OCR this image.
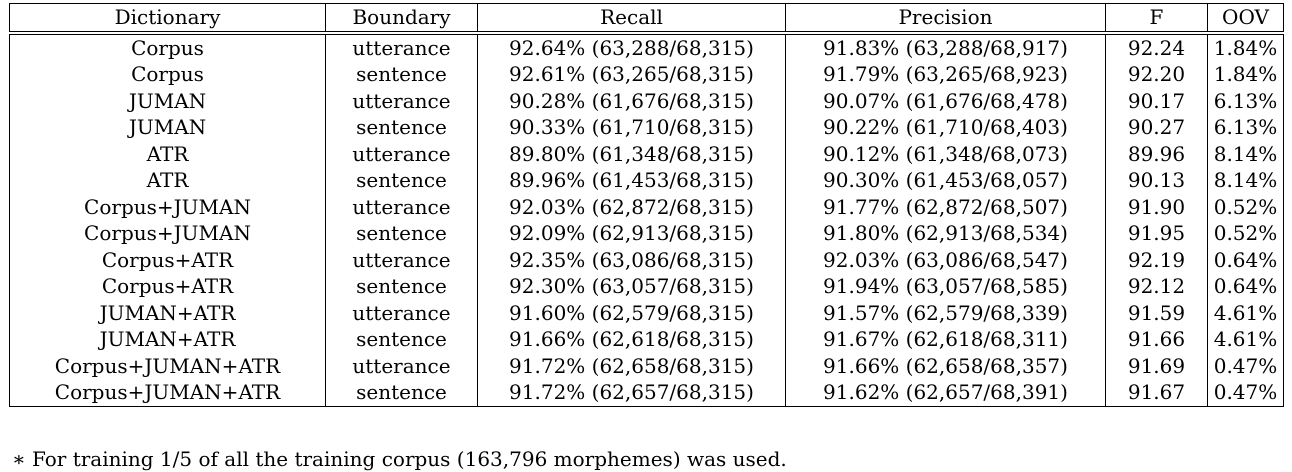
Dictionary	Boundary	Recall	Precision	F	OOV
Corpus	utterance	92.64% (63,288/68,315)	91.83% (63,288/68,917)	92.24	1.84%
Corpus	sentence	92.61% (63,265/68,315)	91.79% (63,265/68,923)	92.20	1.84%
JUMAN	utterance	90.28% (61,676/68,315)	90.07% (61,676/68,478)	90.17	6.13%
JUMAN	sentence	90.33% (61,710/68,315)	90.22% (61,710/68,403)	90.27	6.13%
ATR	utterance	89.80% (61,348/68,315)	90.12% (61,348/68,073)	89.96	8.14%
ATR	sentence	89.96% (61,453/68,315)	90.30% (61,453/68,057)	90.13	8.14%
Corpus+JUMAN	utterance	92.03% (62,872/68,315)	91.77% (62,872/68,507)	91.90	0.52%
Corpus+JUMAN	sentence	92.09% (62,913/68,315)	91.80% (62,913/68,534)	91.95	0.52%
Corpus+ATR	utterance	92.35% (63,086/68,315)	92.03% (63,086/68,547)	92.19	0.64%
Corpus+ATR	sentence	92.30% (63,057/68,315)	91.94% (63,057/68,585)	92.12	0.64%
JUMAN+ATR	utterance	91.60% (62,579/68,315)	91.57% (62,579/68,339)	91.59	4.61%
JUMAN+ATR	sentence	91.66% (62,618/68,315)	91.67% (62,618/68,311)	91.66	4.61%
Corpus+JUMAN+ATR	utterance	91.72% (62,658/68,315)	91.66% (62,658/68,357)	91.69	0.47%
Corpus+JUMAN+ATR	sentence	91.72% (62,657/68,315)	91.62% (62,657/68,391)	91.67	0.47%
∗ For training 1/5 of all the training corpus (163,796 morphemes) was used.
